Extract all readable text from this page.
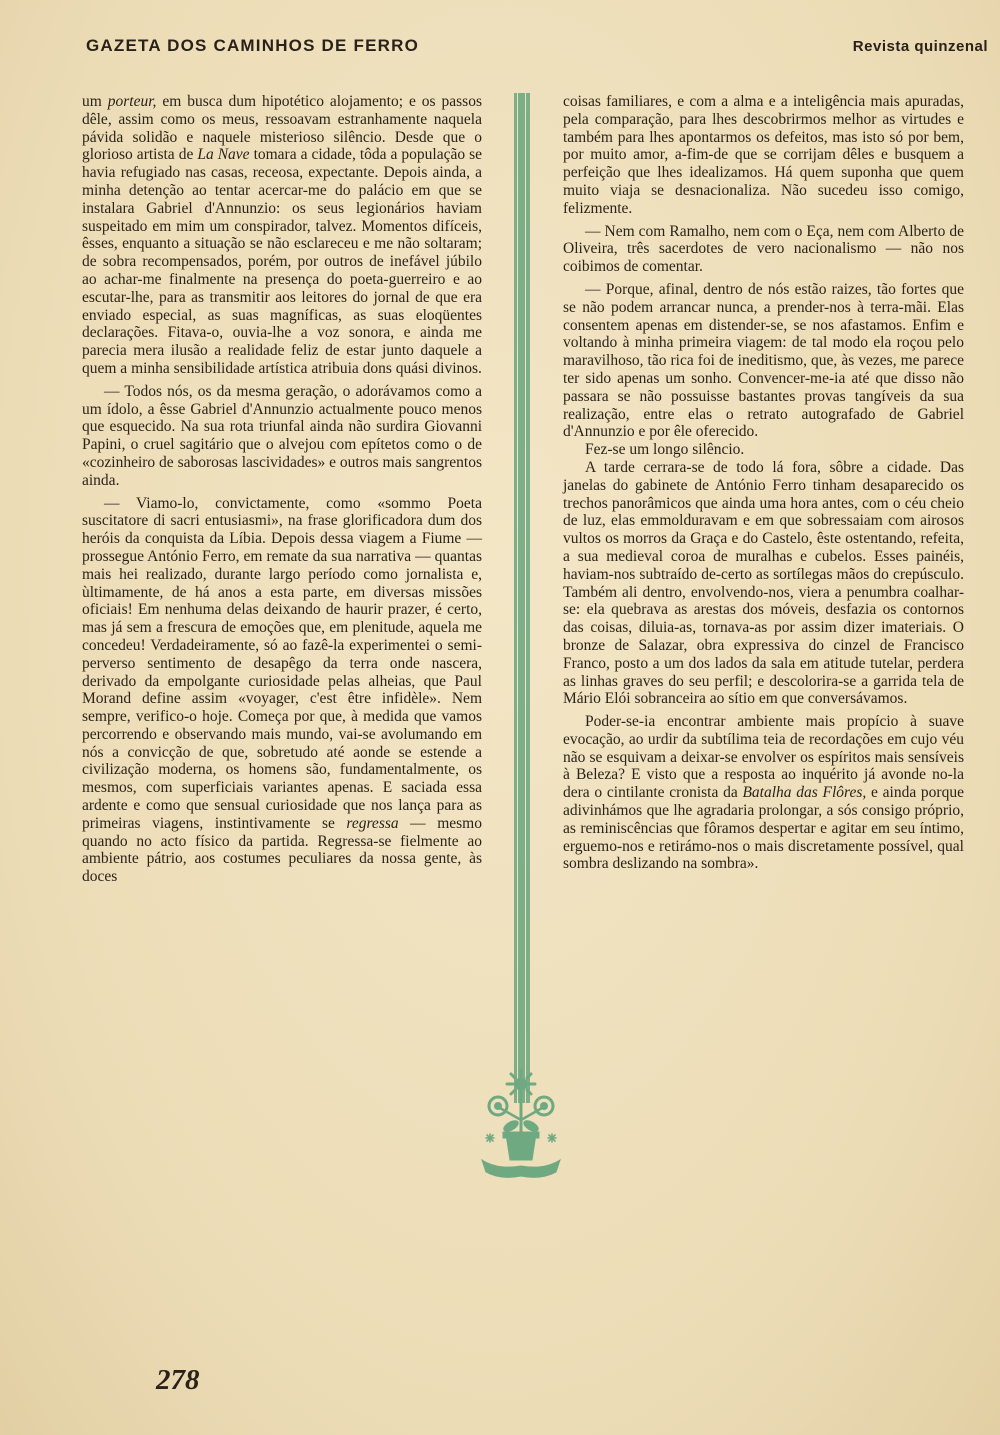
GAZETA DOS CAMINHOS DE FERRO	Revista quinzenal

um porteur, em busca dum hipotético alojamento; e os passos dêle, assim como os meus, ressoavam estranhamente naquela pávida solidão e naquele misterioso silêncio. Desde que o glorioso artista de La Nave tomara a cidade, tôda a população se havia refugiado nas casas, receosa, expectante. Depois ainda, a minha detenção ao tentar acercar-me do palácio em que se instalara Gabriel d'Annunzio: os seus legionários haviam suspeitado em mim um conspirador, talvez. Momentos difíceis, êsses, enquanto a situação se não esclareceu e me não soltaram; de sobra recompensados, porém, por outros de inefável júbilo ao achar-me finalmente na presença do poeta-guerreiro e ao escutar-lhe, para as transmitir aos leitores do jornal de que era enviado especial, as suas magníficas, as suas eloqüentes declarações. Fitava-o, ouvia-lhe a voz sonora, e ainda me parecia mera ilusão a realidade feliz de estar junto daquele a quem a minha sensibilidade artística atribuia dons quási divinos.

— Todos nós, os da mesma geração, o adorávamos como a um ídolo, a êsse Gabriel d'Annunzio actualmente pouco menos que esquecido. Na sua rota triunfal ainda não surdira Giovanni Papini, o cruel sagitário que o alvejou com epítetos como o de «cozinheiro de saborosas lascividades» e outros mais sangrentos ainda.

— Viamo-lo, convictamente, como «sommo Poeta suscitatore di sacri entusiasmi», na frase glorificadora dum dos heróis da conquista da Líbia. Depois dessa viagem a Fiume — prossegue António Ferro, em remate da sua narrativa — quantas mais hei realizado, durante largo período como jornalista e, ùltimamente, de há anos a esta parte, em diversas missões oficiais! Em nenhuma delas deixando de haurir prazer, é certo, mas já sem a frescura de emoções que, em plenitude, aquela me concedeu! Verdadeiramente, só ao fazê-la experimentei o semi-perverso sentimento de desapêgo da terra onde nascera, derivado da empolgante curiosidade pelas alheias, que Paul Morand define assim «voyager, c'est être infidèle». Nem sempre, verifico-o hoje. Começa por que, à medida que vamos percorrendo e observando mais mundo, vai-se avolumando em nós a convicção de que, sobretudo até aonde se estende a civilização moderna, os homens são, fundamentalmente, os mesmos, com superficiais variantes apenas. E saciada essa ardente e como que sensual curiosidade que nos lança para as primeiras viagens, instintivamente se regressa — mesmo quando no acto físico da partida. Regressa-se fielmente ao ambiente pátrio, aos costumes peculiares da nossa gente, às doces

coisas familiares, e com a alma e a inteligência mais apuradas, pela comparação, para lhes descobrirmos melhor as virtudes e também para lhes apontarmos os defeitos, mas isto só por bem, por muito amor, a-fim-de que se corrijam dêles e busquem a perfeição que lhes idealizamos. Há quem suponha que quem muito viaja se desnacionaliza. Não sucedeu isso comigo, felizmente.

— Nem com Ramalho, nem com o Eça, nem com Alberto de Oliveira, três sacerdotes de vero nacionalismo — não nos coibimos de comentar.

— Porque, afinal, dentro de nós estão raizes, tão fortes que se não podem arrancar nunca, a prender-nos à terra-mãi. Elas consentem apenas em distender-se, se nos afastamos. Enfim e voltando à minha primeira viagem: de tal modo ela roçou pelo maravilhoso, tão rica foi de ineditismo, que, às vezes, me parece ter sido apenas um sonho. Convencer-me-ia até que disso não passara se não possuisse bastantes provas tangíveis da sua realização, entre elas o retrato autografado de Gabriel d'Annunzio e por êle oferecido.

Fez-se um longo silêncio.

A tarde cerrara-se de todo lá fora, sôbre a cidade. Das janelas do gabinete de António Ferro tinham desaparecido os trechos panorâmicos que ainda uma hora antes, com o céu cheio de luz, elas emmolduravam e em que sobressaiam com airosos vultos os morros da Graça e do Castelo, êste ostentando, refeita, a sua medieval coroa de muralhas e cubelos. Esses painéis, haviam-nos subtraído de-certo as sortílegas mãos do crepúsculo. Também ali dentro, envolvendo-nos, viera a penumbra coalhar-se: ela quebrava as arestas dos móveis, desfazia os contornos das coisas, diluia-as, tornava-as por assim dizer imateriais. O bronze de Salazar, obra expressiva do cinzel de Francisco Franco, posto a um dos lados da sala em atitude tutelar, perdera as linhas graves do seu perfil; e descolorira-se a garrida tela de Mário Elói sobranceira ao sítio em que conversávamos.

Poder-se-ia encontrar ambiente mais propício à suave evocação, ao urdir da subtílima teia de recordações em cujo véu não se esquivam a deixar-se envolver os espíritos mais sensíveis à Beleza? E visto que a resposta ao inquérito já avonde no-la dera o cintilante cronista da Batalha das Flôres, e ainda porque adivinhámos que lhe agradaria prolongar, a sós consigo próprio, as reminiscências que fôramos despertar e agitar em seu íntimo, erguemo-nos e retirámo-nos o mais discretamente possível, qual sombra deslizando na sombra».

278
